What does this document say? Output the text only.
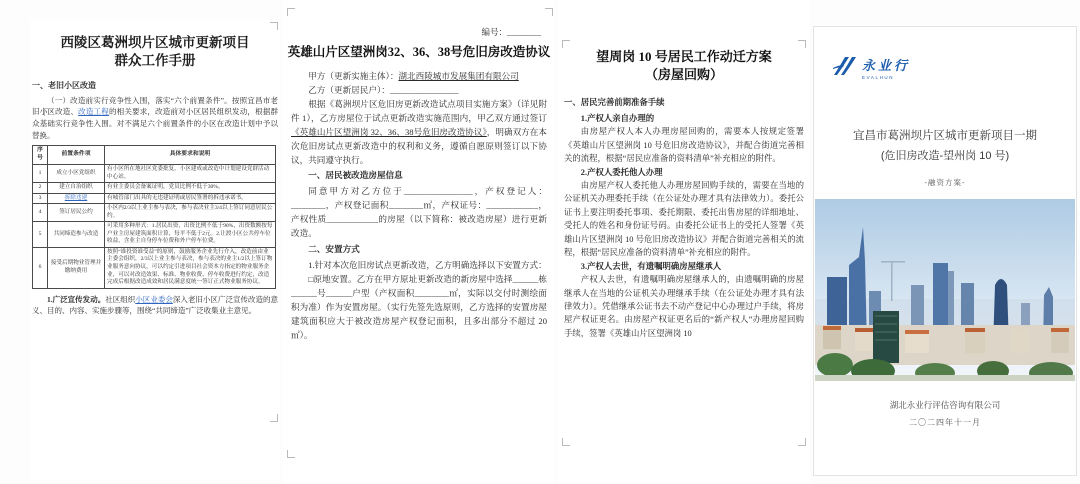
西陵区葛洲坝片区城市更新项目
群众工作手册
一、老旧小区改造
（一）改造前实行竞争性入围，落实“六个前置条件”。按照宜昌市老旧小区改造、改造工程的相关要求，改造前对小区居民组织发动，根据群众基础实行竞争性入围。对不满足六个前置条件的小区在改造计划中予以替换。
序号	前置条件项	具体要求和说明
1	成立小区党组织	有小区所在地社区党委批复，小区建成或改造中计划建设党群活动中心站。
2	建立自治组织	有业主委员会备案证明，党员比例不低于30%。
3	拆除违建	有城管部门出具的无违建证明或居民签署的拆违承诺书。
4	签订居民公约	小区内2/3以上业主参与表决，参与表决业主3/4以上签订同意居民公约。
5	共同缔造参与改造	可采用多种形式：1.居民出资，出资比例不低于90%，出资数额按每户业主房屋建筑面积计算，每平不低于2元。2.让渡小区公共停车位收益，含业主自身停车位费和外户停车位费。
6	接受后期物业管理并缴纳费用	按照“谁投资谁受益”的原则，鼓励服务企业先行介入，改造前由业主委会组织，2/3以上业主参与表决，参与表决的业主1/2以上签订物业服务意向协议，可以约定引进项目社会资本方指定的物业服务企业，可以对改造效果、标准、物业收费、停车收费进行约定，改造完成后根据改造成效和居民满意度统一签订正式物业服务协议。
1.广泛宣传发动。社区组织小区业委会深入老旧小区广泛宣传改造的意义、目的、内容、实施步骤等，围绕“共同缔造”广泛收集业主意见。
编号：________
英雄山片区望洲岗32、36、38号危旧房改造协议
甲方（更新实施主体）：湖北西陵城市发展集团有限公司
乙方（更新居民户）：________________
根据《葛洲坝片区危旧房更新改造试点项目实施方案》（详见附件 1），乙方房屋位于试点更新改造实施范围内，甲乙双方通过签订《英雄山片区望洲岗 32、36、38号危旧房改造协议》，明确双方在本次危旧房试点更新改造中的权利和义务，遵循自愿原则签订以下协议，共同遵守执行。
一、居民被改造房屋信息
同意甲方对乙方位于________________，产权登记人：________，产权登记面积________㎡，产权证号：____________，产权性质____________的房屋（以下简称：被改造房屋）进行更新改造。
二、安置方式
1.针对本次危旧房试点更新改造，乙方明确选择以下安置方式：
□原地安置。乙方在甲方原址更新改造的新房屋中选择______栋______号______户型（产权面积________㎡，实际以交付时测绘面积为准）作为安置房屋。（实行先签先选原则，乙方选择的安置房屋建筑面积应大于被改造房屋产权登记面积，且多出部分不超过 20 ㎡）。
望周岗 10 号居民工作动迁方案
（房屋回购）
一、居民完善前期准备手续
1.产权人亲自办理的
由房屋产权人本人办理房屋回购的，需要本人按规定签署《英雄山片区望洲岗 10 号危旧房改造协议》，并配合街道完善相关的流程，根据“居民应准备的资料清单”补充相应的附件。
2.产权人委托他人办理
由房屋产权人委托他人办理房屋回购手续的，需要在当地的公证机关办理委托手续（在公证处办理才具有法律效力）。委托公证书上要注明委托事项、委托期限、委托出售房屋的详细地址、受托人的姓名和身份证号码。由委托公证书上的受托人签署《英雄山片区望洲岗 10 号危旧房改造协议》并配合街道完善相关的流程，根据“居民应准备的资料清单”补充相应的附件。
3.产权人去世，有遗嘱明确房屋继承人
产权人去世，有遗嘱明确房屋继承人的，由遗嘱明确的房屋继承人在当地的公证机关办理继承手续（在公证处办理才具有法律效力）。凭借继承公证书去不动产登记中心办理过户手续，将房屋产权证更名。由房屋产权证更名后的“新产权人”办理房屋回购手续，签署《英雄山片区望洲岗 10
永业行
EVALHUN
宜昌市葛洲坝片区城市更新项目一期
(危旧房改造-望州岗 10 号)
-融资方案-
湖北永业行评估咨询有限公司
二〇二四年十一月
